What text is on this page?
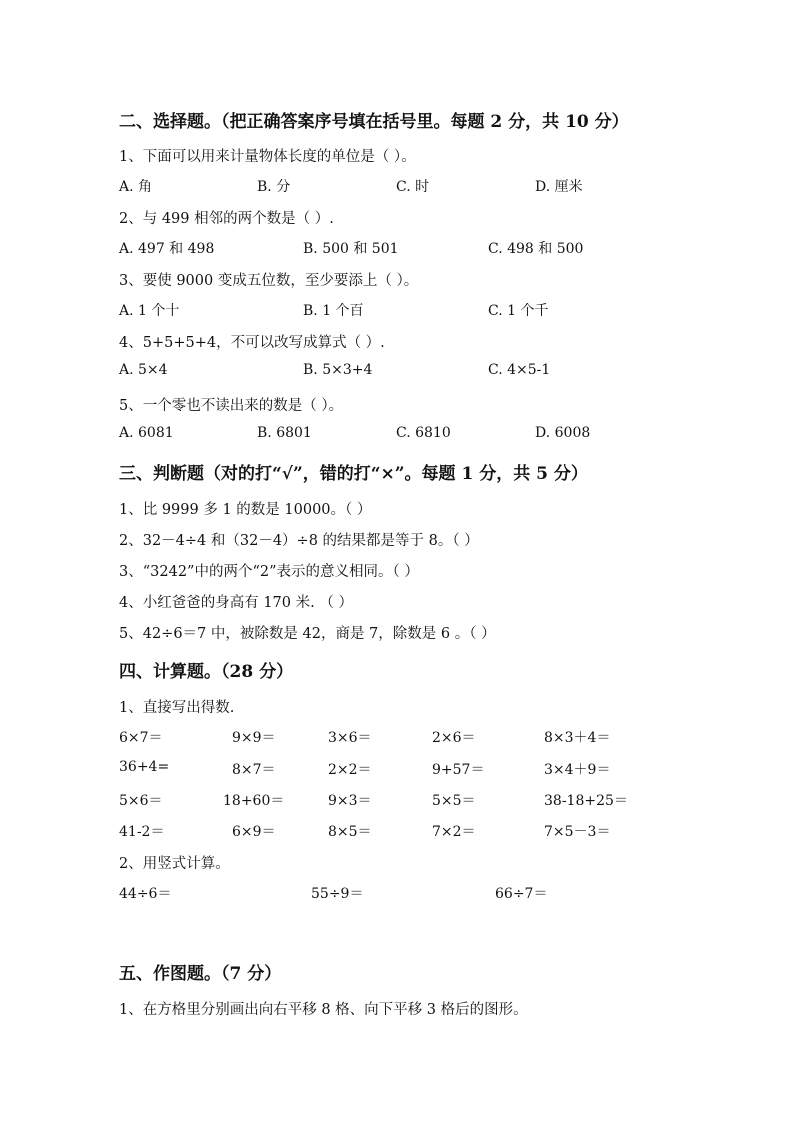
二、选择题。（把正确答案序号填在括号里。每题 2 分，共 10 分）
1、下面可以用来计量物体长度的单位是（ ）。
A. 角	B. 分	C. 时	D. 厘米
2、与 499 相邻的两个数是（ ）.
A. 497 和 498	B. 500 和 501	C. 498 和 500
3、要使 9000 变成五位数，至少要添上（ ）。
A. 1 个十	B. 1 个百	C. 1 个千
4、5+5+5+4，不可以改写成算式（ ）.
A. 5×4	B. 5×3+4	C. 4×5-1
5、一个零也不读出来的数是（ ）。
A. 6081	B. 6801	C. 6810	D. 6008
三、判断题（对的打“√”，错的打“×”。每题 1 分，共 5 分）
1、比 9999 多 1 的数是 10000。（ ）
2、32－4÷4 和（32－4）÷8 的结果都是等于 8。（ ）
3、“3242”中的两个“2”表示的意义相同。（ ）
4、小红爸爸的身高有 170 米. （ ）
5、42÷6＝7 中，被除数是 42，商是 7，除数是 6 。（ ）
四、计算题。（28 分）
1、直接写出得数.
6×7＝	9×9＝	3×6＝	2×6＝	8×3＋4＝
36+4=	8×7＝	2×2＝	9+57＝	3×4＋9＝
5×6＝	18+60＝	9×3＝	5×5＝	38-18+25＝
41-2＝	6×9＝	8×5＝	7×2＝	7×5－3＝
2、用竖式计算。
44÷6＝	55÷9＝	66÷7＝
五、作图题。（7 分）
1、在方格里分别画出向右平移 8 格、向下平移 3 格后的图形。
